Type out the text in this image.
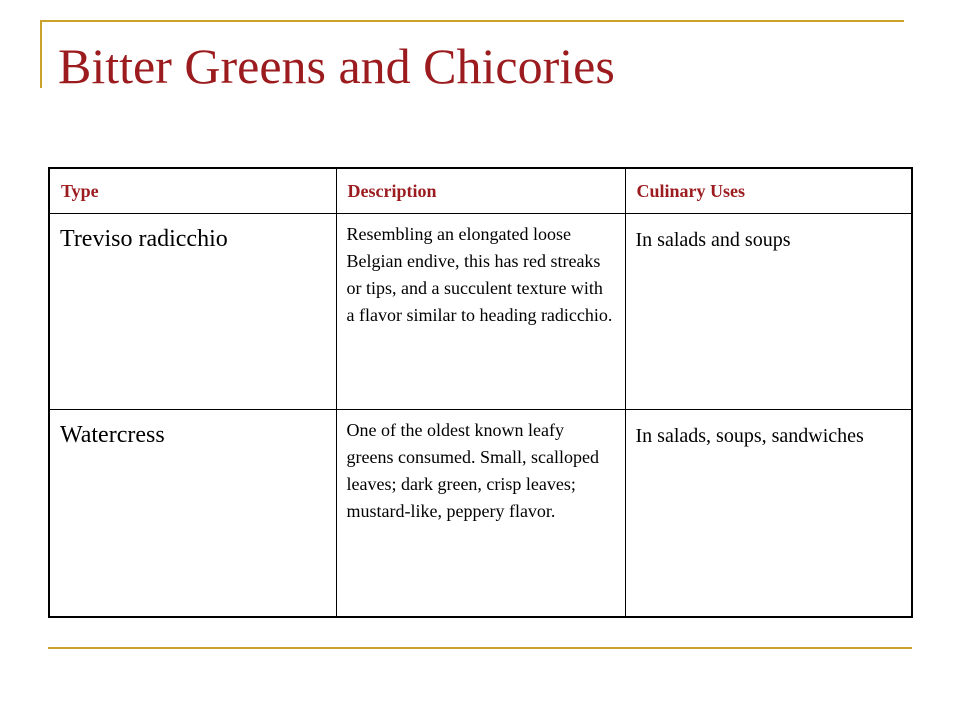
Bitter Greens and Chicories
Type	Description	Culinary Uses
Treviso radicchio	Resembling an elongated loose Belgian endive, this has red streaks or tips, and a succulent texture with a flavor similar to heading radicchio.	In salads and soups
Watercress	One of the oldest known leafy greens consumed. Small, scalloped leaves; dark green, crisp leaves; mustard-like, peppery flavor.	In salads, soups, sandwiches
